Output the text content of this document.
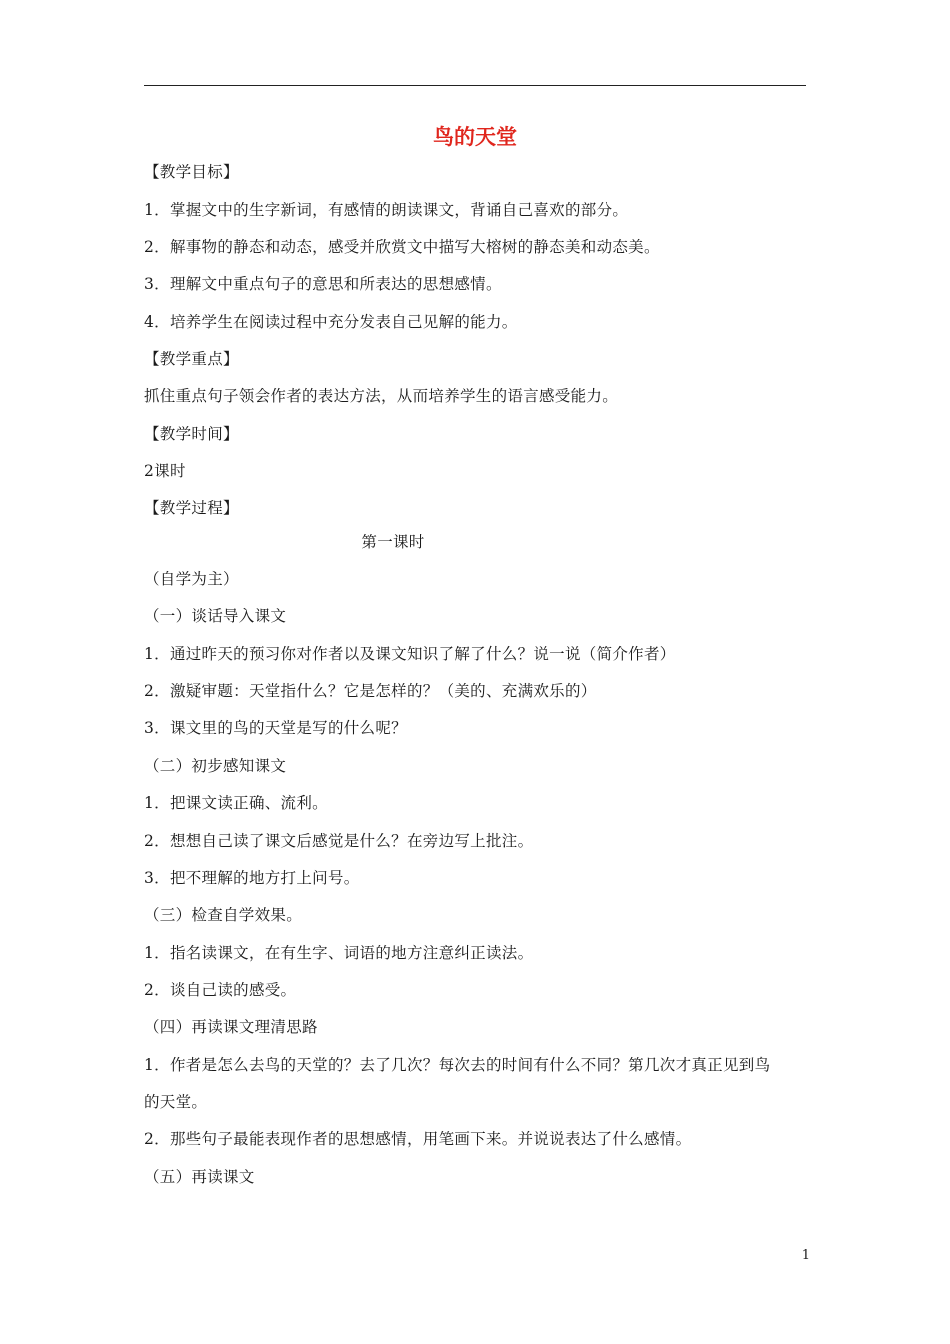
鸟的天堂
【教学目标】
1．掌握文中的生字新词，有感情的朗读课文，背诵自己喜欢的部分。
2．解事物的静态和动态，感受并欣赏文中描写大榕树的静态美和动态美。
3．理解文中重点句子的意思和所表达的思想感情。
4．培养学生在阅读过程中充分发表自己见解的能力。
【教学重点】
抓住重点句子领会作者的表达方法，从而培养学生的语言感受能力。
【教学时间】
2课时
【教学过程】
第一课时
（自学为主）
（一）谈话导入课文
1．通过昨天的预习你对作者以及课文知识了解了什么？说一说（简介作者）
2．激疑审题：天堂指什么？它是怎样的？（美的、充满欢乐的）
3．课文里的鸟的天堂是写的什么呢？
（二）初步感知课文
1．把课文读正确、流利。
2．想想自己读了课文后感觉是什么？在旁边写上批注。
3．把不理解的地方打上问号。
（三）检查自学效果。
1．指名读课文，在有生字、词语的地方注意纠正读法。
2．谈自己读的感受。
（四）再读课文理清思路
1．作者是怎么去鸟的天堂的？去了几次？每次去的时间有什么不同？第几次才真正见到鸟
的天堂。
2．那些句子最能表现作者的思想感情，用笔画下来。并说说表达了什么感情。
（五）再读课文
1
